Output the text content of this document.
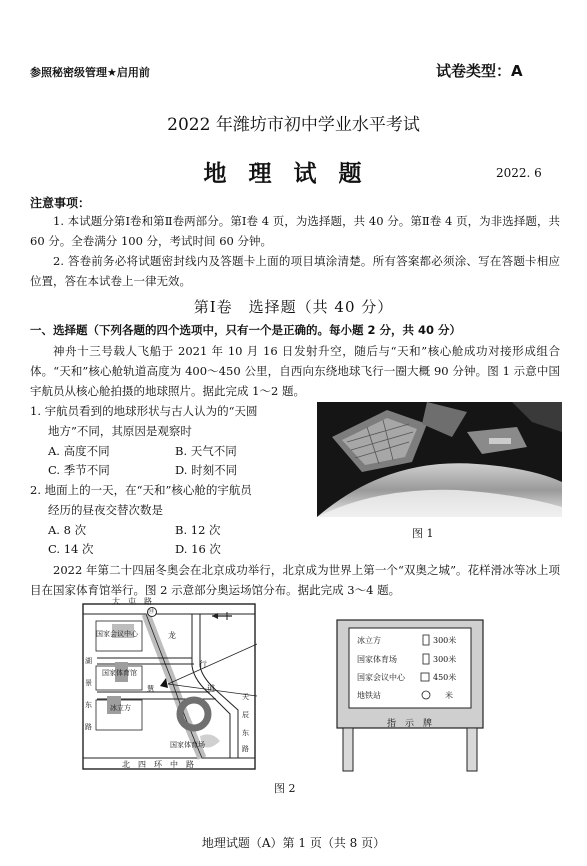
参照秘密级管理★启用前	试卷类型：A
2022 年潍坊市初中学业水平考试
地理试题	2022. 6
注意事项：
1. 本试题分第Ⅰ卷和第Ⅱ卷两部分。第Ⅰ卷 4 页，为选择题，共 40 分。第Ⅱ卷 4 页，为非选择题，共 60 分。全卷满分 100 分，考试时间 60 分钟。
2. 答卷前务必将试题密封线内及答题卡上面的项目填涂清楚。所有答案都必须涂、写在答题卡相应位置，答在本试卷上一律无效。
第Ⅰ卷　选择题（共 40 分）
一、选择题（下列各题的四个选项中，只有一个是正确的。每小题 2 分，共 40 分）
神舟十三号载人飞船于 2021 年 10 月 16 日发射升空，随后与“天和”核心舱成功对接形成组合体。“天和”核心舱轨道高度为 400～450 公里，自西向东绕地球飞行一圈大概 90 分钟。图 1 示意中国宇航员从核心舱拍摄的地球照片。据此完成 1～2 题。
1. 宇航员看到的地球形状与古人认为的“天圆
地方”不同，其原因是观察时
A. 高度不同	B. 天气不同
C. 季节不同	D. 时刻不同
2. 地面上的一天，在“天和”核心舱的宇航员
经历的昼夜交替次数是
A. 8 次	B. 12 次
C. 14 次	D. 16 次
图 1
2022 年第二十四届冬奥会在北京成功举行，北京成为世界上第一个“双奥之城”。花样滑冰等冰上项目在国家体育馆举行。图 2 示意部分奥运场馆分布。据此完成 3～4 题。
大　屯　路
Ⓜ
国家会议中心	龙
国家体育馆
行
道
慧
冰立方
国家体育场
湖
景
东
路
天
辰
东
路
北　四　环　中　路
冰立方	300米
国家体育场	300米
国家会议中心	450米
地铁站	米
指　示　牌
图 2
地理试题（A）第 1 页（共 8 页）
